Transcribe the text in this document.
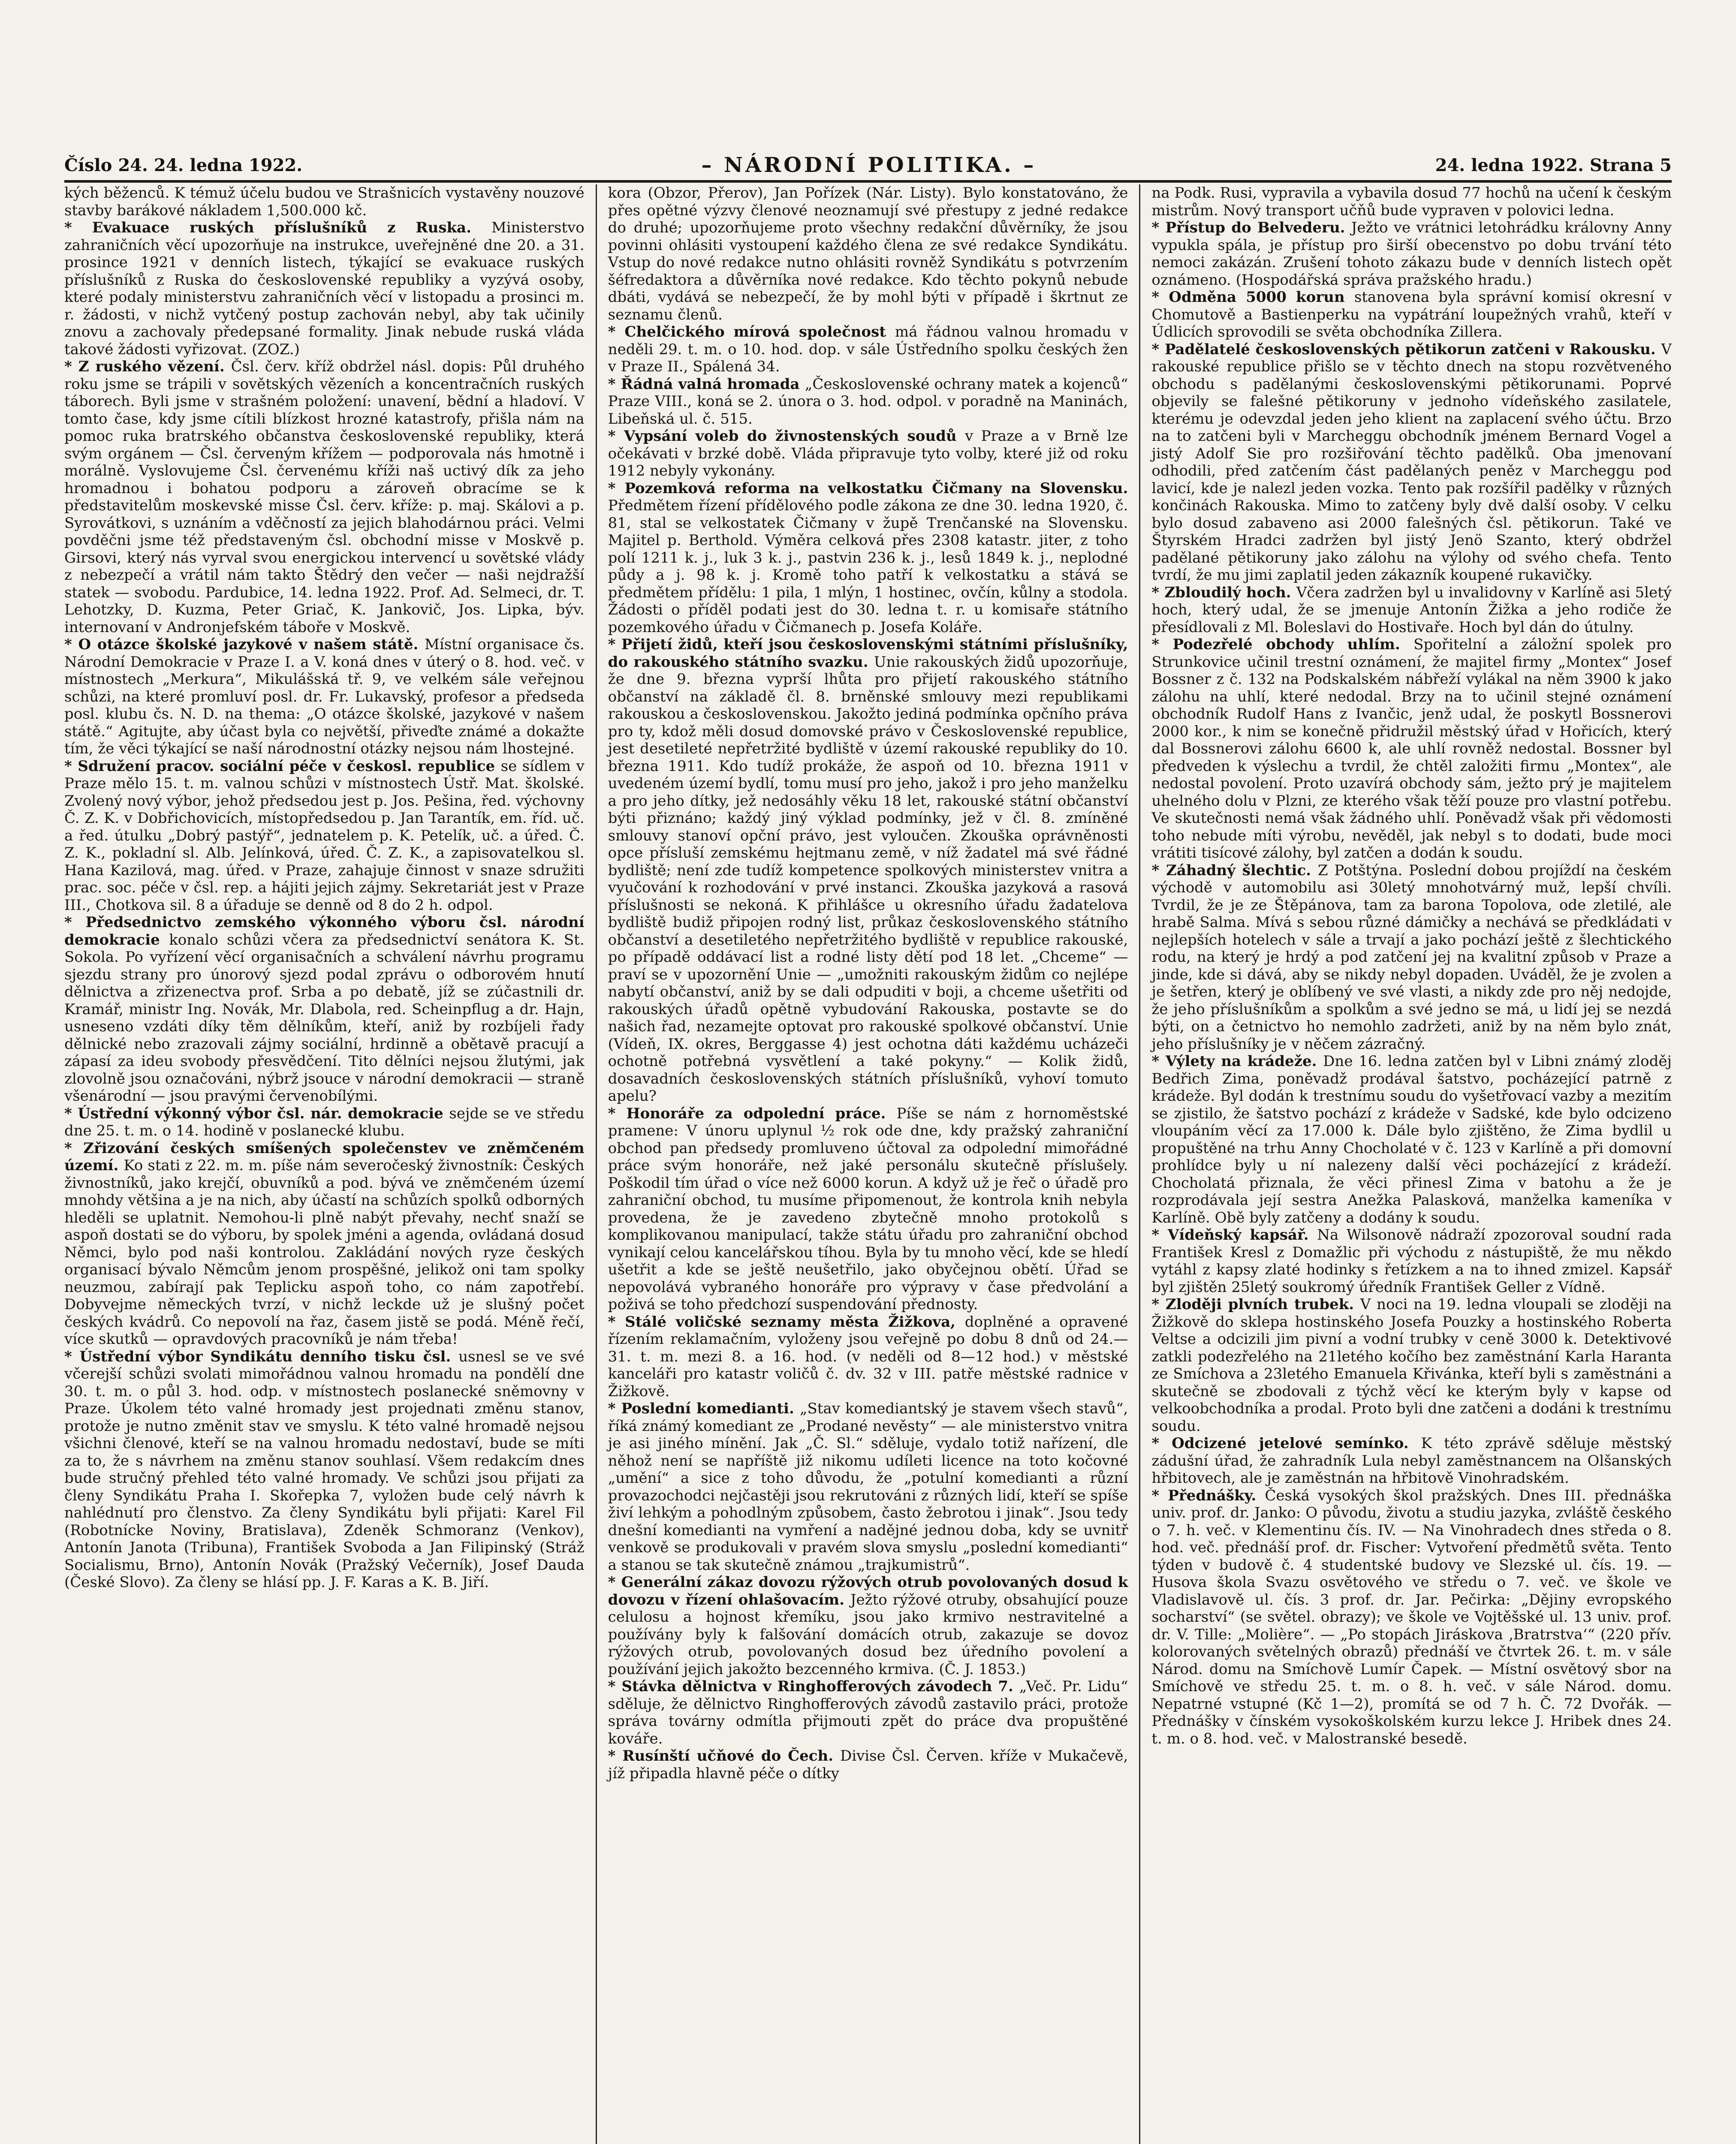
Číslo 24. 24. ledna 1922.	– NÁRODNÍ POLITIKA. –	24. ledna 1922. Strana 5

kých běženců. K témuž účelu budou ve Strašnicích vystavěny nouzové stavby barákové nákladem 1,500.000 kč.

* Evakuace ruských příslušníků z Ruska. Ministerstvo zahraničních věcí upozorňuje na instrukce, uveřejněné dne 20. a 31. prosince 1921 v denních listech, týkající se evakuace ruských příslušníků z Ruska do československé republiky a vyzývá osoby, které podaly ministerstvu zahraničních věcí v listopadu a prosinci m. r. žádosti, v nichž vytčený postup zachován nebyl, aby tak učinily znovu a zachovaly předepsané formality. Jinak nebude ruská vláda takové žádosti vyřizovat. (ZOZ.)

* Z ruského vězení. Čsl. červ. kříž obdržel násl. dopis: Půl druhého roku jsme se trápili v sovětských vězeních a koncentračních ruských táborech. Byli jsme v strašném položení: unavení, bědní a hladoví. V tomto čase, kdy jsme cítili blízkost hrozné katastrofy, přišla nám na pomoc ruka bratrského občanstva československé republiky, která svým orgánem — Čsl. červeným křížem — podporovala nás hmotně i morálně. Vyslovujeme Čsl. červenému kříži naš uctivý dík za jeho hromadnou i bohatou podporu a zároveň obracíme se k představitelům moskevské misse Čsl. červ. kříže: p. maj. Skálovi a p. Syrovátkovi, s uznáním a vděčností za jejich blahodárnou práci. Velmi povděčni jsme též představeným čsl. obchodní misse v Moskvě p. Girsovi, který nás vyrval svou energickou intervencí u sovětské vlády z nebezpečí a vrátil nám takto Štědrý den večer — naši nejdražší statek — svobodu. Pardubice, 14. ledna 1922. Prof. Ad. Selmeci, dr. T. Lehotzky, D. Kuzma, Peter Griač, K. Jankovič, Jos. Lipka, býv. internovaní v Andronjefském táboře v Moskvě.

* O otázce školské jazykové v našem státě. Místní organisace čs. Národní Demokracie v Praze I. a V. koná dnes v úterý o 8. hod. več. v místnostech „Merkura“, Mikulášská tř. 9, ve velkém sále veřejnou schůzi, na které promluví posl. dr. Fr. Lukavský, profesor a předseda posl. klubu čs. N. D. na thema: „O otázce školské, jazykové v našem státě.“ Agitujte, aby účast byla co největší, přiveďte známé a dokažte tím, že věci týkající se naší národnostní otázky nejsou nám lhostejné.

* Sdružení pracov. sociální péče v českosl. republice se sídlem v Praze mělo 15. t. m. valnou schůzi v místnostech Ústř. Mat. školské. Zvolený nový výbor, jehož předsedou jest p. Jos. Pešina, řed. výchovny Č. Z. K. v Dobřichovicích, místopředsedou p. Jan Tarantík, em. říd. uč. a řed. útulku „Dobrý pastýř“, jednatelem p. K. Petelík, uč. a úřed. Č. Z. K., pokladní sl. Alb. Jelínková, úřed. Č. Z. K., a zapisovatelkou sl. Hana Kazilová, mag. úřed. v Praze, zahajuje činnost v snaze sdružiti prac. soc. péče v čsl. rep. a hájiti jejich zájmy. Sekretariát jest v Praze III., Chotkova sil. 8 a úřaduje se denně od 8 do 2 h. odpol.

* Předsednictvo zemského výkonného výboru čsl. národní demokracie konalo schůzi včera za předsednictví senátora K. St. Sokola. Po vyřízení věcí organisačních a schválení návrhu programu sjezdu strany pro únorový sjezd podal zprávu o odborovém hnutí dělnictva a zřizenectva prof. Srba a po debatě, jíž se zúčastnili dr. Kramář, ministr Ing. Novák, Mr. Dlabola, red. Scheinpflug a dr. Hajn, usneseno vzdáti díky těm dělníkům, kteří, aniž by rozbíjeli řady dělnické nebo zrazovali zájmy sociální, hrdinně a obětavě pracují a zápasí za ideu svobody přesvědčení. Tito dělníci nejsou žlutými, jak zlovolně jsou označováni, nýbrž jsouce v národní demokracii — straně všenárodní — jsou pravými červenobílými.

* Ústřední výkonný výbor čsl. nár. demokracie sejde se ve středu dne 25. t. m. o 14. hodině v poslanecké klubu.

* Zřizování českých smíšených společenstev ve zněmčeném území. Ko stati z 22. m. m. píše nám severočeský živnostník: Českých živnostníků, jako krejčí, obuvníků a pod. bývá ve zněmčeném území mnohdy většina a je na nich, aby účastí na schůzích spolků odborných hleděli se uplatnit. Nemohou-li plně nabýt převahy, nechť snaží se aspoň dostati se do výboru, by spolek jméni a agenda, ovládaná dosud Němci, bylo pod naši kontrolou. Zakládání nových ryze českých organisací bývalo Němcům jenom prospěšné, jelikož oni tam spolky neuzmou, zabírají pak Teplicku aspoň toho, co nám zapotřebí. Dobyvejme německých tvrzí, v nichž leckde už je slušný počet českých kvádrů. Co nepovolí na řaz, časem jistě se podá. Méně řečí, více skutků — opravdových pracovníků je nám třeba!

* Ústřední výbor Syndikátu denního tisku čsl. usnesl se ve své včerejší schůzi svolati mimořádnou valnou hromadu na pondělí dne 30. t. m. o půl 3. hod. odp. v místnostech poslanecké sněmovny v Praze. Úkolem této valné hromady jest projednati změnu stanov, protože je nutno změnit stav ve smyslu. K této valné hromadě nejsou všichni členové, kteří se na valnou hromadu nedostaví, bude se míti za to, že s návrhem na změnu stanov souhlasí. Všem redakcím dnes bude stručný přehled této valné hromady. Ve schůzi jsou přijati za členy Syndikátu Praha I. Skořepka 7, vyložen bude celý návrh k nahlédnutí pro členstvo. Za členy Syndikátu byli přijati: Karel Fil (Robotnícke Noviny, Bratislava), Zdeněk Schmoranz (Venkov), Antonín Janota (Tribuna), František Svoboda a Jan Filipinský (Stráž Socialismu, Brno), Antonín Novák (Pražský Večerník), Josef Dauda (České Slovo). Za členy se hlásí pp. J. F. Karas a K. B. Jiří.

kora (Obzor, Přerov), Jan Pořízek (Nár. Listy). Bylo konstatováno, že přes opětné výzvy členové neoznamují své přestupy z jedné redakce do druhé; upozorňujeme proto všechny redakční důvěrníky, že jsou povinni ohlásiti vystoupení každého člena ze své redakce Syndikátu. Vstup do nové redakce nutno ohlásiti rovněž Syndikátu s potvrzením šéfredaktora a důvěrníka nové redakce. Kdo těchto pokynů nebude dbáti, vydává se nebezpečí, že by mohl býti v případě i škrtnut ze seznamu členů.

* Chelčického mírová společnost má řádnou valnou hromadu v neděli 29. t. m. o 10. hod. dop. v sále Ústředního spolku českých žen v Praze II., Spálená 34.

* Řádná valná hromada „Československé ochrany matek a kojenců“ Praze VIII., koná se 2. února o 3. hod. odpol. v poradně na Maninách, Libeňská ul. č. 515.

* Vypsání voleb do živnostenských soudů v Praze a v Brně lze očekávati v brzké době. Vláda připravuje tyto volby, které již od roku 1912 nebyly vykonány.

* Pozemková reforma na velkostatku Čičmany na Slovensku. Předmětem řízení přídělového podle zákona ze dne 30. ledna 1920, č. 81, stal se velkostatek Čičmany v župě Trenčanské na Slovensku. Majitel p. Berthold. Výměra celková přes 2308 katastr. jiter, z toho polí 1211 k. j., luk 3 k. j., pastvin 236 k. j., lesů 1849 k. j., neplodné půdy a j. 98 k. j. Kromě toho patří k velkostatku a stává se předmětem přídělu: 1 pila, 1 mlýn, 1 hostinec, ovčín, kůlny a stodola. Žádosti o příděl podati jest do 30. ledna t. r. u komisaře státního pozemkového úřadu v Čičmanech p. Josefa Koláře.

* Přijetí židů, kteří jsou československými státními příslušníky, do rakouského státního svazku. Unie rakouských židů upozorňuje, že dne 9. března vyprší lhůta pro přijetí rakouského státního občanství na základě čl. 8. brněnské smlouvy mezi republikami rakouskou a československou. Jakožto jediná podmínka opčního práva pro ty, kdož měli dosud domovské právo v Československé republice, jest desetileté nepřetržité bydliště v území rakouské republiky do 10. března 1911. Kdo tudíž prokáže, že aspoň od 10. března 1911 v uvedeném území bydlí, tomu musí pro jeho, jakož i pro jeho manželku a pro jeho dítky, jež nedosáhly věku 18 let, rakouské státní občanství býti přiznáno; každý jiný výklad podmínky, jež v čl. 8. zmíněné smlouvy stanoví opční právo, jest vyloučen. Zkouška oprávněnosti opce přísluší zemskému hejtmanu země, v níž žadatel má své řádné bydliště; není zde tudíž kompetence spolkových ministerstev vnitra a vyučování k rozhodování v prvé instanci. Zkouška jazyková a rasová příslušnosti se nekoná. K přihlášce u okresního úřadu žadatelova bydliště budiž připojen rodný list, průkaz československého státního občanství a desetiletého nepřetržitého bydliště v republice rakouské, po případě oddávací list a rodné listy dětí pod 18 let. „Chceme“ — praví se v upozornění Unie — „umožniti rakouským židům co nejlépe nabytí občanství, aniž by se dali odpuditi v boji, a chceme ušetřiti od rakouských úřadů opětně vybudování Rakouska, postavte se do našich řad, nezamejte optovat pro rakouské spolkové občanství. Unie (Vídeň, IX. okres, Berggasse 4) jest ochotna dáti každému ucházeči ochotně potřebná vysvětlení a také pokyny.“ — Kolik židů, dosavadních československých státních příslušníků, vyhoví tomuto apelu?

* Honoráře za odpolední práce. Píše se nám z hornoměstské pramene: V únoru uplynul ½ rok ode dne, kdy pražský zahraniční obchod pan předsedy promluveno účtoval za odpolední mimořádné práce svým honoráře, než jaké personálu skutečně příslušely. Poškodil tím úřad o více než 6000 korun. A když už je řeč o úřadě pro zahraniční obchod, tu musíme připomenout, že kontrola knih nebyla provedena, že je zavedeno zbytečně mnoho protokolů s komplikovanou manipulací, takže státu úřadu pro zahraniční obchod vynikají celou kancelářskou tíhou. Byla by tu mnoho věcí, kde se hledí ušetřit a kde se ještě neušetřilo, jako obyčejnou obětí. Úřad se nepovolává vybraného honoráře pro výpravy v čase předvolání a poživá se toho předchozí suspendování přednosty.

* Stálé voličské seznamy města Žižkova, doplněné a opravené řízením reklamačním, vyloženy jsou veřejně po dobu 8 dnů od 24.—31. t. m. mezi 8. a 16. hod. (v neděli od 8—12 hod.) v městské kanceláři pro katastr voličů č. dv. 32 v III. patře městské radnice v Žižkově.

* Poslední komedianti. „Stav komediantský je stavem všech stavů“, říká známý komediant ze „Prodané nevěsty“ — ale ministerstvo vnitra je asi jiného mínění. Jak „Č. Sl.“ sděluje, vydalo totiž nařízení, dle něhož není se napříště již nikomu udíleti licence na toto kočovné „umění“ a sice z toho důvodu, že „potulní komedianti a různí provazochodci nejčastěji jsou rekrutováni z různých lidí, kteří se spíše živí lehkým a pohodlným způsobem, často žebrotou i jinak“. Jsou tedy dnešní komedianti na vymření a nadějné jednou doba, kdy se uvnitř venkově se produkovali v pravém slova smyslu „poslední komedianti“ a stanou se tak skutečně známou „trajkumistrů“.

* Generální zákaz dovozu rýžových otrub povolovaných dosud k dovozu v řízení ohlašovacím. Ježto rýžové otruby, obsahující pouze celulosu a hojnost křemíku, jsou jako krmivo nestravitelné a používány byly k falšování domácích otrub, zakazuje se dovoz rýžových otrub, povolovaných dosud bez úředního povolení a používání jejich jakožto bezcenného krmiva. (Č. J. 1853.)

* Stávka dělnictva v Ringhofferových závodech 7. „Več. Pr. Lidu“ sděluje, že dělnictvo Ringhofferových závodů zastavilo práci, protože správa továrny odmítla přijmouti zpět do práce dva propuštěné kováře.

* Rusínští učňové do Čech. Divise Čsl. Červen. kříže v Mukačevě, jíž připadla hlavně péče o dítky

na Podk. Rusi, vypravila a vybavila dosud 77 hochů na učení k českým mistrům. Nový transport učňů bude vypraven v polovici ledna.

* Přístup do Belvederu. Ježto ve vrátnici letohrádku královny Anny vypukla spála, je přístup pro širší obecenstvo po dobu trvání této nemoci zakázán. Zrušení tohoto zákazu bude v denních listech opět oznámeno. (Hospodářská správa pražského hradu.)

* Odměna 5000 korun stanovena byla správní komisí okresní v Chomutově a Bastienperku na vypátrání loupežných vrahů, kteří v Údlicích sprovodili se světa obchodníka Zillera.

* Padělatelé československých pětikorun zatčeni v Rakousku. V rakouské republice přišlo se v těchto dnech na stopu rozvětveného obchodu s padělanými československými pětikorunami. Poprvé objevily se falešné pětikoruny v jednoho vídeňského zasilatele, kterému je odevzdal jeden jeho klient na zaplacení svého účtu. Brzo na to zatčeni byli v Marcheggu obchodník jménem Bernard Vogel a jistý Adolf Sie pro rozšiřování těchto padělků. Oba jmenovaní odhodili, před zatčením část padělaných peněz v Marcheggu pod lavicí, kde je nalezl jeden vozka. Tento pak rozšířil padělky v různých končinách Rakouska. Mimo to zatčeny byly dvě další osoby. V celku bylo dosud zabaveno asi 2000 falešných čsl. pětikorun. Také ve Štyrském Hradci zadržen byl jistý Jenö Szanto, který obdržel padělané pětikoruny jako zálohu na výlohy od svého chefa. Tento tvrdí, že mu jimi zaplatil jeden zákazník koupené rukavičky.

* Zbloudilý hoch. Včera zadržen byl u invalidovny v Karlíně asi 5letý hoch, který udal, že se jmenuje Antonín Žižka a jeho rodiče že přesídlovali z Ml. Boleslavi do Hostivaře. Hoch byl dán do útulny.

* Podezřelé obchody uhlím. Spořitelní a záložní spolek pro Strunkovice učinil trestní oznámení, že majitel firmy „Montex“ Josef Bossner z č. 132 na Podskalském nábřeží vylákal na něm 3900 k jako zálohu na uhlí, které nedodal. Brzy na to učinil stejné oznámení obchodník Rudolf Hans z Ivančic, jenž udal, že poskytl Bossnerovi 2000 kor., k nim se konečně přidružil městský úřad v Hořicích, který dal Bossnerovi zálohu 6600 k, ale uhlí rovněž nedostal. Bossner byl předveden k výslechu a tvrdil, že chtěl založiti firmu „Montex“, ale nedostal povolení. Proto uzavírá obchody sám, ježto prý je majitelem uhelného dolu v Plzni, ze kterého však těží pouze pro vlastní potřebu. Ve skutečnosti nemá však žádného uhlí. Poněvadž však při vědomosti toho nebude míti výrobu, nevěděl, jak nebyl s to dodati, bude moci vrátiti tisícové zálohy, byl zatčen a dodán k soudu.

* Záhadný šlechtic. Z Potštýna. Poslední dobou projíždí na českém východě v automobilu asi 30letý mnohotvárný muž, lepší chvíli. Tvrdil, že je ze Štěpánova, tam za barona Topolova, ode zletilé, ale hrabě Salma. Mívá s sebou různé dámičky a nechává se předkládati v nejlepších hotelech v sále a trvají a jako pochází ještě z šlechtického rodu, na který je hrdý a pod zatčení jej na kvalitní způsob v Praze a jinde, kde si dává, aby se nikdy nebyl dopaden. Uváděl, že je zvolen a je šetřen, který je oblíbený ve své vlasti, a nikdy zde pro něj nedojde, že jeho příslušníkům a spolkům a své jedno se má, u lidí jej se nezdá býti, on a četnictvo ho nemohlo zadržeti, aniž by na něm bylo znát, jeho příslušníky je v něčem zázračný.

* Výlety na krádeže. Dne 16. ledna zatčen byl v Libni známý zloděj Bedřich Zima, poněvadž prodával šatstvo, pocházející patrně z krádeže. Byl dodán k trestnímu soudu do vyšetřovací vazby a mezitím se zjistilo, že šatstvo pochází z krádeže v Sadské, kde bylo odcizeno vloupáním věcí za 17.000 k. Dále bylo zjištěno, že Zima bydlil u propuštěné na trhu Anny Chocholaté v č. 123 v Karlíně a při domovní prohlídce byly u ní nalezeny další věci pocházející z krádeží. Chocholatá přiznala, že věci přinesl Zima v batohu a že je rozprodávala její sestra Anežka Palasková, manželka kameníka v Karlíně. Obě byly zatčeny a dodány k soudu.

* Vídeňský kapsář. Na Wilsonově nádraží zpozoroval soudní rada František Kresl z Domažlic při východu z nástupiště, že mu někdo vytáhl z kapsy zlaté hodinky s řetízkem a na to ihned zmizel. Kapsář byl zjištěn 25letý soukromý úředník František Geller z Vídně.

* Zloději plvních trubek. V noci na 19. ledna vloupali se zloději na Žižkově do sklepa hostinského Josefa Pouzky a hostinského Roberta Veltse a odcizili jim pivní a vodní trubky v ceně 3000 k. Detektivové zatkli podezřelého na 21letého kočího bez zaměstnání Karla Haranta ze Smíchova a 23letého Emanuela Křivánka, kteří byli s zaměstnáni a skutečně se zbodovali z týchž věcí ke kterým byly v kapse od velkoobchodníka a prodal. Proto byli dne zatčeni a dodáni k trestnímu soudu.

* Odcizené jetelové semínko. K této zprávě sděluje městský zádušní úřad, že zahradník Lula nebyl zaměstnancem na Olšanských hřbitovech, ale je zaměstnán na hřbitově Vinohradském.

* Přednášky. Česká vysokých škol pražských. Dnes III. přednáška univ. prof. dr. Janko: O původu, životu a studiu jazyka, zvláště českého o 7. h. več. v Klementinu čís. IV. — Na Vinohradech dnes středa o 8. hod. več. přednáší prof. dr. Fischer: Vytvoření předmětů světa. Tento týden v budově č. 4 studentské budovy ve Slezské ul. čís. 19. — Husova škola Svazu osvětového ve středu o 7. več. ve škole ve Vladislavově ul. čís. 3 prof. dr. Jar. Pečirka: „Dějiny evropského socharství“ (se světel. obrazy); ve škole ve Vojtěšské ul. 13 univ. prof. dr. V. Tille: „Molière“. — „Po stopách Jiráskova ‚Bratrstva‘“ (220 přív. kolorovaných světelných obrazů) přednáší ve čtvrtek 26. t. m. v sále Národ. domu na Smíchově Lumír Čapek. — Místní osvětový sbor na Smíchově ve středu 25. t. m. o 8. h. več. v sále Národ. domu. Nepatrné vstupné (Kč 1—2), promítá se od 7 h. Č. 72 Dvořák. — Přednášky v čínském vysokoškolském kurzu lekce J. Hribek dnes 24. t. m. o 8. hod. več. v Malostranské besedě.
